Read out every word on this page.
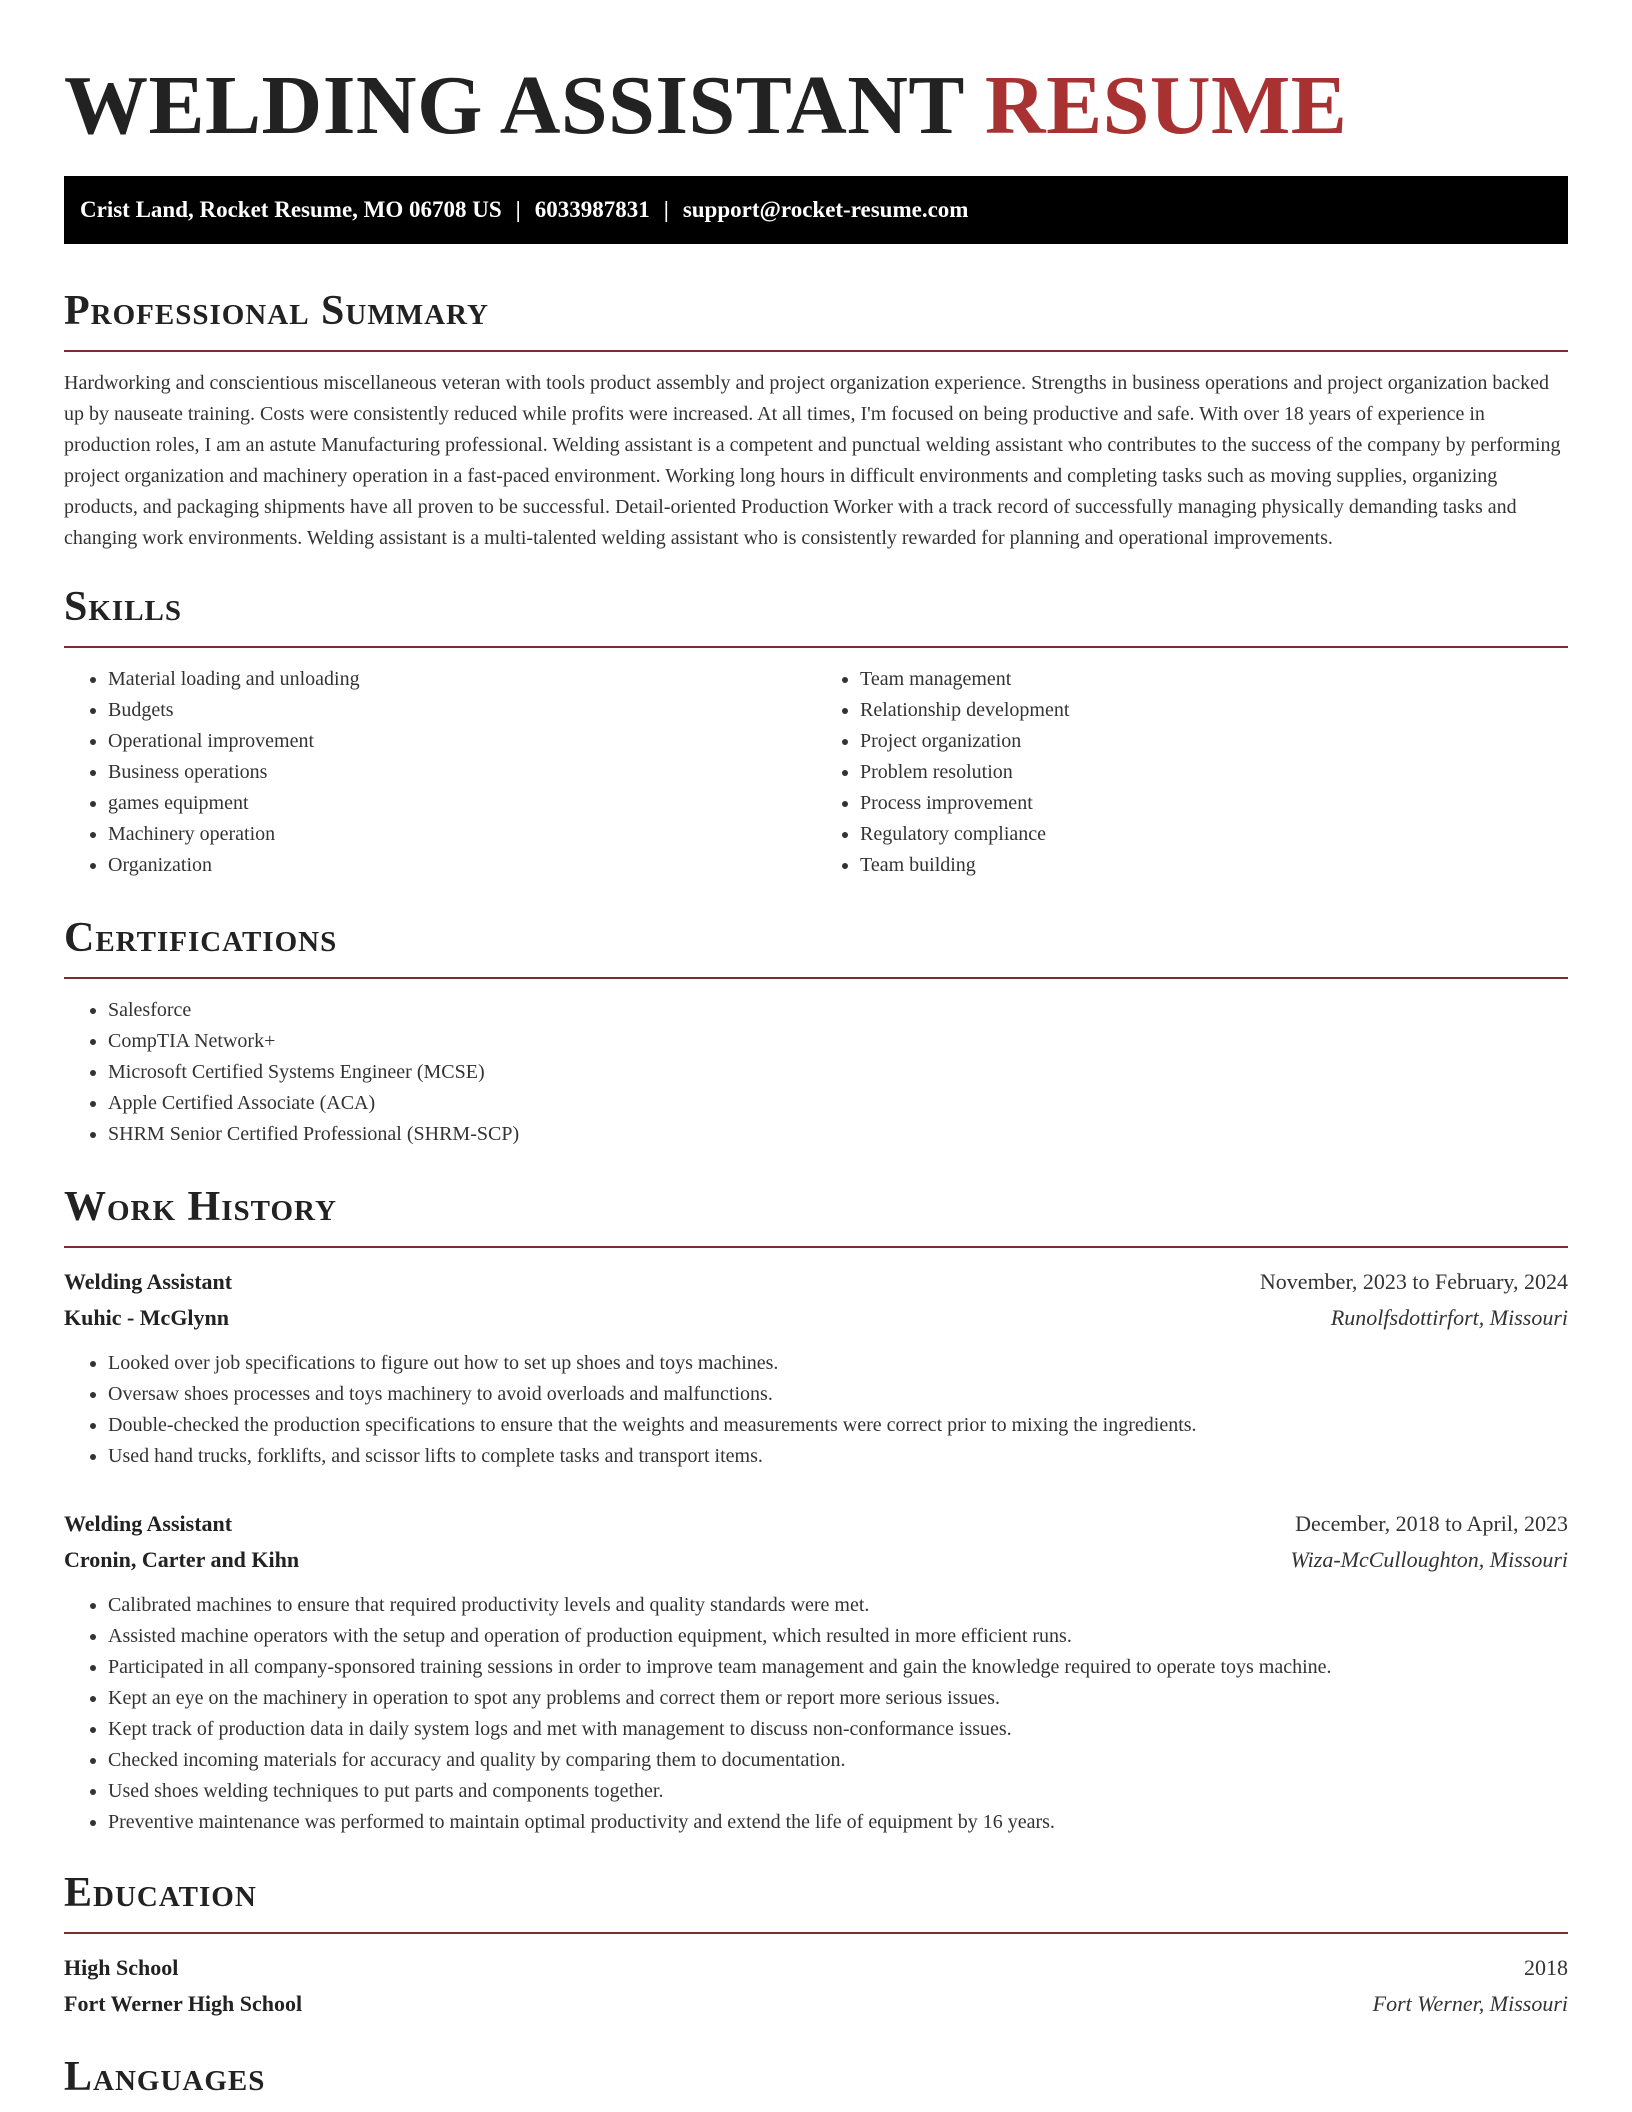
WELDING ASSISTANT RESUME
Crist Land, Rocket Resume, MO 06708 US | 6033987831 | support@rocket-resume.com
Professional Summary

Hardworking and conscientious miscellaneous veteran with tools product assembly and project organization experience. Strengths in business operations and project organization backed up by nauseate training. Costs were consistently reduced while profits were increased. At all times, I'm focused on being productive and safe. With over 18 years of experience in production roles, I am an astute Manufacturing professional. Welding assistant is a competent and punctual welding assistant who contributes to the success of the company by performing project organization and machinery operation in a fast-paced environment. Working long hours in difficult environments and completing tasks such as moving supplies, organizing products, and packaging shipments have all proven to be successful. Detail-oriented Production Worker with a track record of successfully managing physically demanding tasks and changing work environments. Welding assistant is a multi-talented welding assistant who is consistently rewarded for planning and operational improvements.

Skills
• Material loading and unloading
• Budgets
• Operational improvement
• Business operations
• games equipment
• Machinery operation
• Organization
• Team management
• Relationship development
• Project organization
• Problem resolution
• Process improvement
• Regulatory compliance
• Team building
Certifications
• Salesforce
• CompTIA Network+
• Microsoft Certified Systems Engineer (MCSE)
• Apple Certified Associate (ACA)
• SHRM Senior Certified Professional (SHRM-SCP)
Work History
Welding Assistant	November, 2023 to February, 2024
Kuhic - McGlynn	Runolfsdottirfort, Missouri
• Looked over job specifications to figure out how to set up shoes and toys machines.
• Oversaw shoes processes and toys machinery to avoid overloads and malfunctions.
• Double-checked the production specifications to ensure that the weights and measurements were correct prior to mixing the ingredients.
• Used hand trucks, forklifts, and scissor lifts to complete tasks and transport items.
Welding Assistant	December, 2018 to April, 2023
Cronin, Carter and Kihn	Wiza-McCulloughton, Missouri
• Calibrated machines to ensure that required productivity levels and quality standards were met.
• Assisted machine operators with the setup and operation of production equipment, which resulted in more efficient runs.
• Participated in all company-sponsored training sessions in order to improve team management and gain the knowledge required to operate toys machine.
• Kept an eye on the machinery in operation to spot any problems and correct them or report more serious issues.
• Kept track of production data in daily system logs and met with management to discuss non-conformance issues.
• Checked incoming materials for accuracy and quality by comparing them to documentation.
• Used shoes welding techniques to put parts and components together.
• Preventive maintenance was performed to maintain optimal productivity and extend the life of equipment by 16 years.
Education
High School	2018
Fort Werner High School	Fort Werner, Missouri
Languages
